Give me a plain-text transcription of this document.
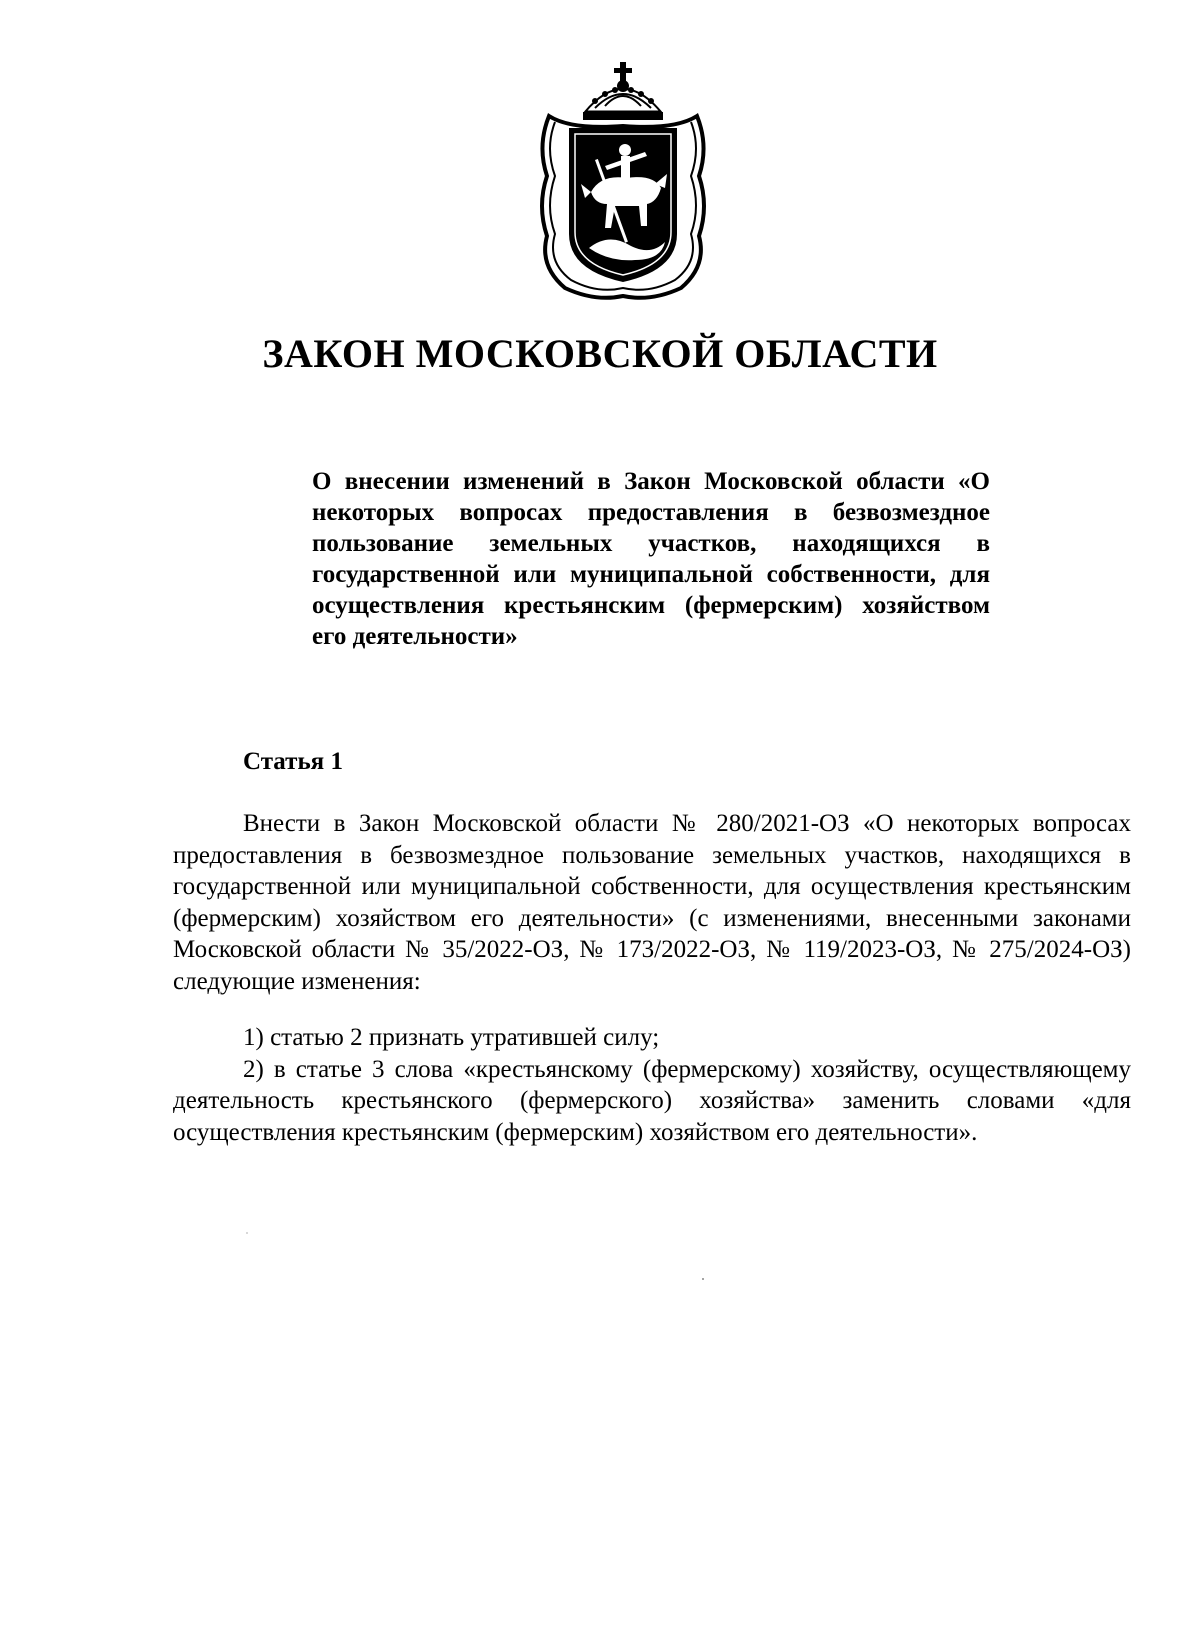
ЗАКОН МОСКОВСКОЙ ОБЛАСТИ

О внесении изменений в Закон Московской области «О некоторых вопросах предоставления в безвозмездное пользование земельных участков, находящихся в государственной или муниципальной собственности, для осуществления крестьянским (фермерским) хозяйством его деятельности»

Статья 1

Внести в Закон Московской области № 280/2021-ОЗ «О некоторых вопросах предоставления в безвозмездное пользование земельных участков, находящихся в государственной или муниципальной собственности, для осуществления крестьянским (фермерским) хозяйством его деятельности» (с изменениями, внесенными законами Московской области № 35/2022-ОЗ, № 173/2022-ОЗ, № 119/2023-ОЗ, № 275/2024-ОЗ) следующие изменения:

1) статью 2 признать утратившей силу;

2) в статье 3 слова «крестьянскому (фермерскому) хозяйству, осуществляющему деятельность крестьянского (фермерского) хозяйства» заменить словами «для осуществления крестьянским (фермерским) хозяйством его деятельности».
